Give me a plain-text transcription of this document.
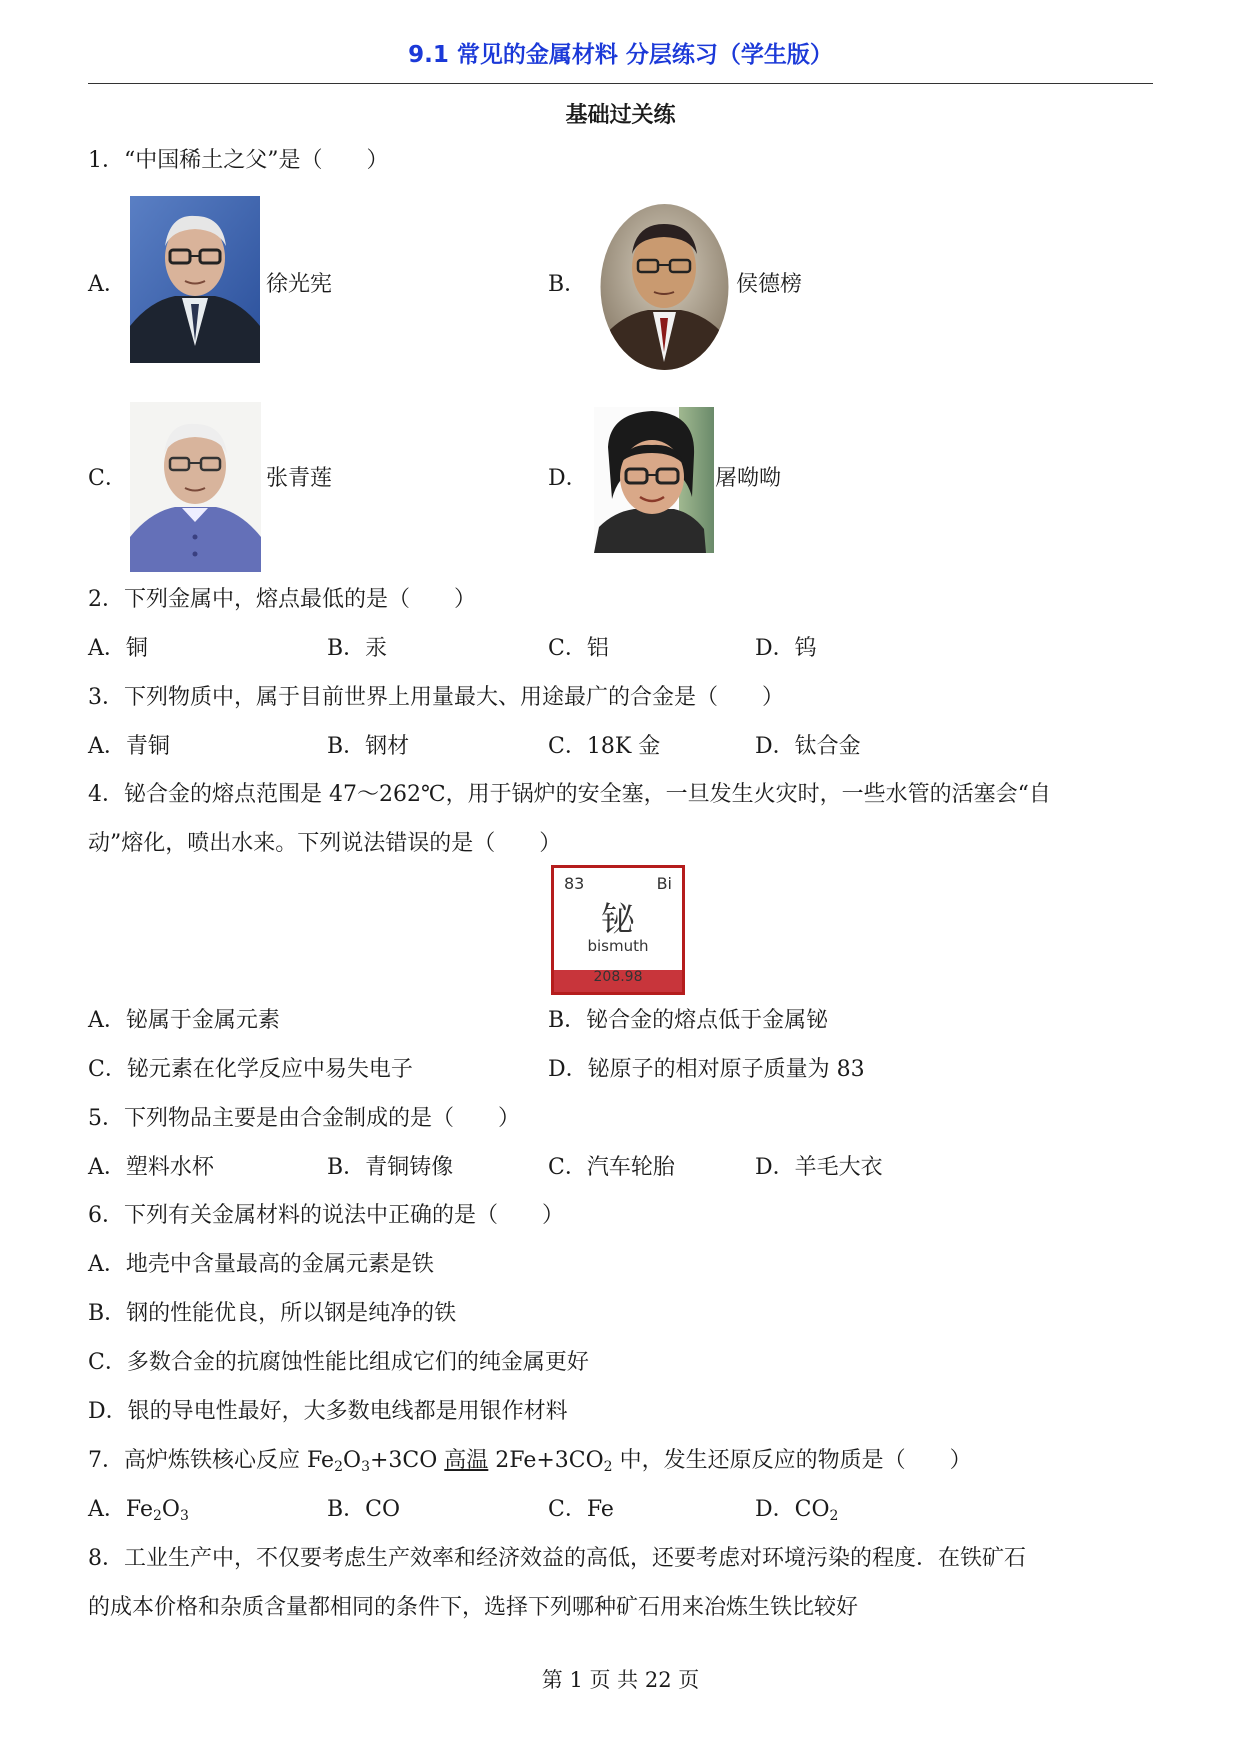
9.1 常见的金属材料 分层练习（学生版）
基础过关练
1．“中国稀土之父”是（　　）
A．	徐光宪	B．	侯德榜
C．	张青莲	D．	屠呦呦
2．下列金属中，熔点最低的是（　　）
A．铜	B．汞	C．铝	D．钨
3．下列物质中，属于目前世界上用量最大、用途最广的合金是（　　）
A．青铜	B．钢材	C．18K 金	D．钛合金
4．铋合金的熔点范围是 47～262℃，用于锅炉的安全塞，一旦发生火灾时，一些水管的活塞会“自
动”熔化，喷出水来。下列说法错误的是（　　）
83	Bi
铋
bismuth
208.98
A．铋属于金属元素	B．铋合金的熔点低于金属铋
C．铋元素在化学反应中易失电子	D．铋原子的相对原子质量为 83
5．下列物品主要是由合金制成的是（　　）
A．塑料水杯	B．青铜铸像	C．汽车轮胎	D．羊毛大衣
6．下列有关金属材料的说法中正确的是（　　）
A．地壳中含量最高的金属元素是铁
B．钢的性能优良，所以钢是纯净的铁
C．多数合金的抗腐蚀性能比组成它们的纯金属更好
D．银的导电性最好，大多数电线都是用银作材料
7．高炉炼铁核心反应 $Fe_2O_3+3CO$ 高温 $2Fe+3CO_2$ 中，发生还原反应的物质是（　　）
A．$Fe_2O_3$	B．CO	C．Fe	D．$CO_2$
8．工业生产中，不仅要考虑生产效率和经济效益的高低，还要考虑对环境污染的程度．在铁矿石
的成本价格和杂质含量都相同的条件下，选择下列哪种矿石用来冶炼生铁比较好
第 1 页 共 22 页
